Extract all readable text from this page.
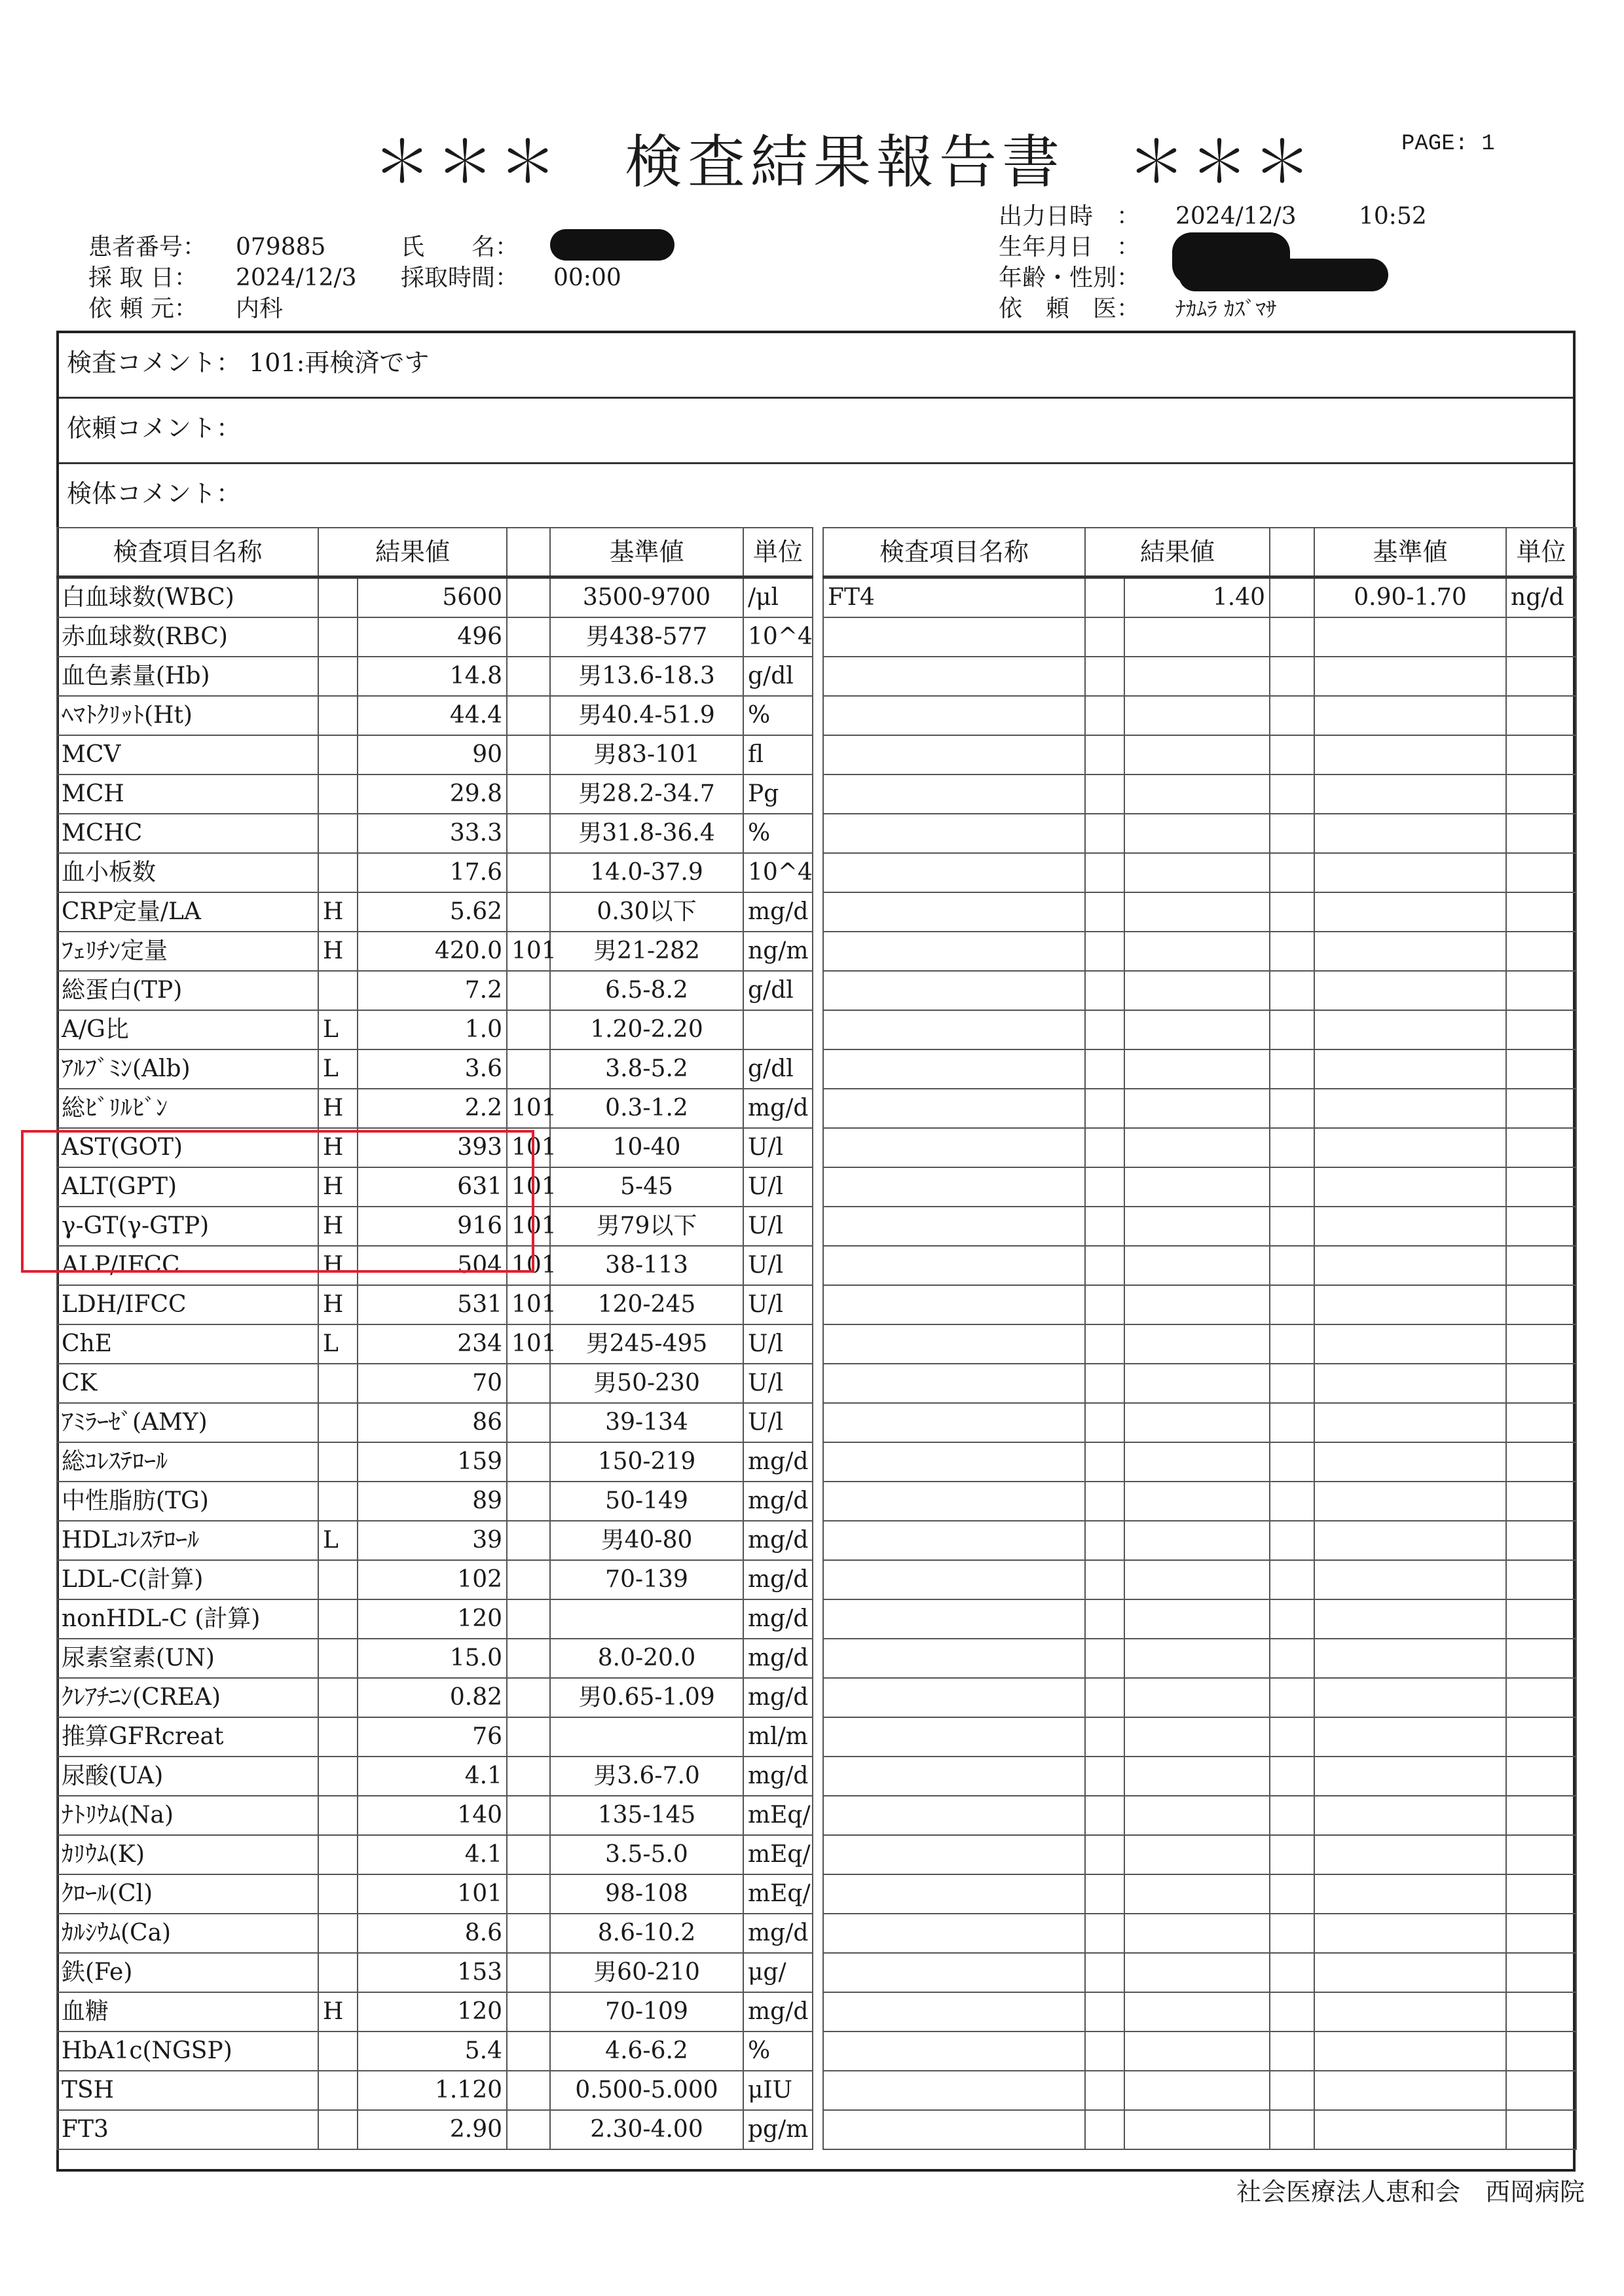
＊＊＊　検査結果報告書　＊＊＊	PAGE: 1
患者番号： 079885	氏　　名：
採 取 日： 2024/12/3 採取時間： 00:00
依 頼 元： 内科
出力日時　： 2024/12/3	10:52
生年月日　：
年齢・性別：
依　頼　医： ﾅｶﾑﾗ ｶｽﾞﾏｻ
検査コメント： 101:再検済です
依頼コメント：
検体コメント：
検査項目名称	結果値			基準値	単位
白血球数(WBC)		5600		3500-9700	/μl
赤血球数(RBC)		496		男438-577	10^4
血色素量(Hb)		14.8		男13.6-18.3	g/dl
ﾍﾏﾄｸﾘｯﾄ(Ht)		44.4		男40.4-51.9	%
MCV		90		男83-101	fl
MCH		29.8		男28.2-34.7	Pg
MCHC		33.3		男31.8-36.4	%
血小板数		17.6		14.0-37.9	10^4
CRP定量/LA	H	5.62		0.30以下	mg/d
ﾌｪﾘﾁﾝ定量	H	420.0	101	男21-282	ng/m
総蛋白(TP)		7.2		6.5-8.2	g/dl
A/G比	L	1.0		1.20-2.20	
ｱﾙﾌﾞﾐﾝ(Alb)	L	3.6		3.8-5.2	g/dl
総ﾋﾞﾘﾙﾋﾞﾝ	H	2.2	101	0.3-1.2	mg/d
AST(GOT)	H	393	101	10-40	U/l
ALT(GPT)	H	631	101	5-45	U/l
γ-GT(γ-GTP)	H	916	101	男79以下	U/l
ALP/IFCC	H	504	101	38-113	U/l
LDH/IFCC	H	531	101	120-245	U/l
ChE	L	234	101	男245-495	U/l
CK		70		男50-230	U/l
ｱﾐﾗｰｾﾞ(AMY)		86		39-134	U/l
総ｺﾚｽﾃﾛｰﾙ		159		150-219	mg/d
中性脂肪(TG)		89		50-149	mg/d
HDLｺﾚｽﾃﾛｰﾙ	L	39		男40-80	mg/d
LDL-C(計算)		102		70-139	mg/d
nonHDL-C (計算)		120			mg/d
尿素窒素(UN)		15.0		8.0-20.0	mg/d
ｸﾚｱﾁﾆﾝ(CREA)		0.82		男0.65-1.09	mg/d
推算GFRcreat		76			ml/m
尿酸(UA)		4.1		男3.6-7.0	mg/d
ﾅﾄﾘｳﾑ(Na)		140		135-145	mEq/
ｶﾘｳﾑ(K)		4.1		3.5-5.0	mEq/
ｸﾛｰﾙ(Cl)		101		98-108	mEq/
ｶﾙｼｳﾑ(Ca)		8.6		8.6-10.2	mg/d
鉄(Fe)		153		男60-210	μg/
血糖	H	120		70-109	mg/d
HbA1c(NGSP)		5.4		4.6-6.2	%
TSH		1.120		0.500-5.000	μIU
FT3		2.90		2.30-4.00	pg/m
検査項目名称	結果値			基準値	単位
FT4		1.40		0.90-1.70	ng/d

社会医療法人恵和会　西岡病院
